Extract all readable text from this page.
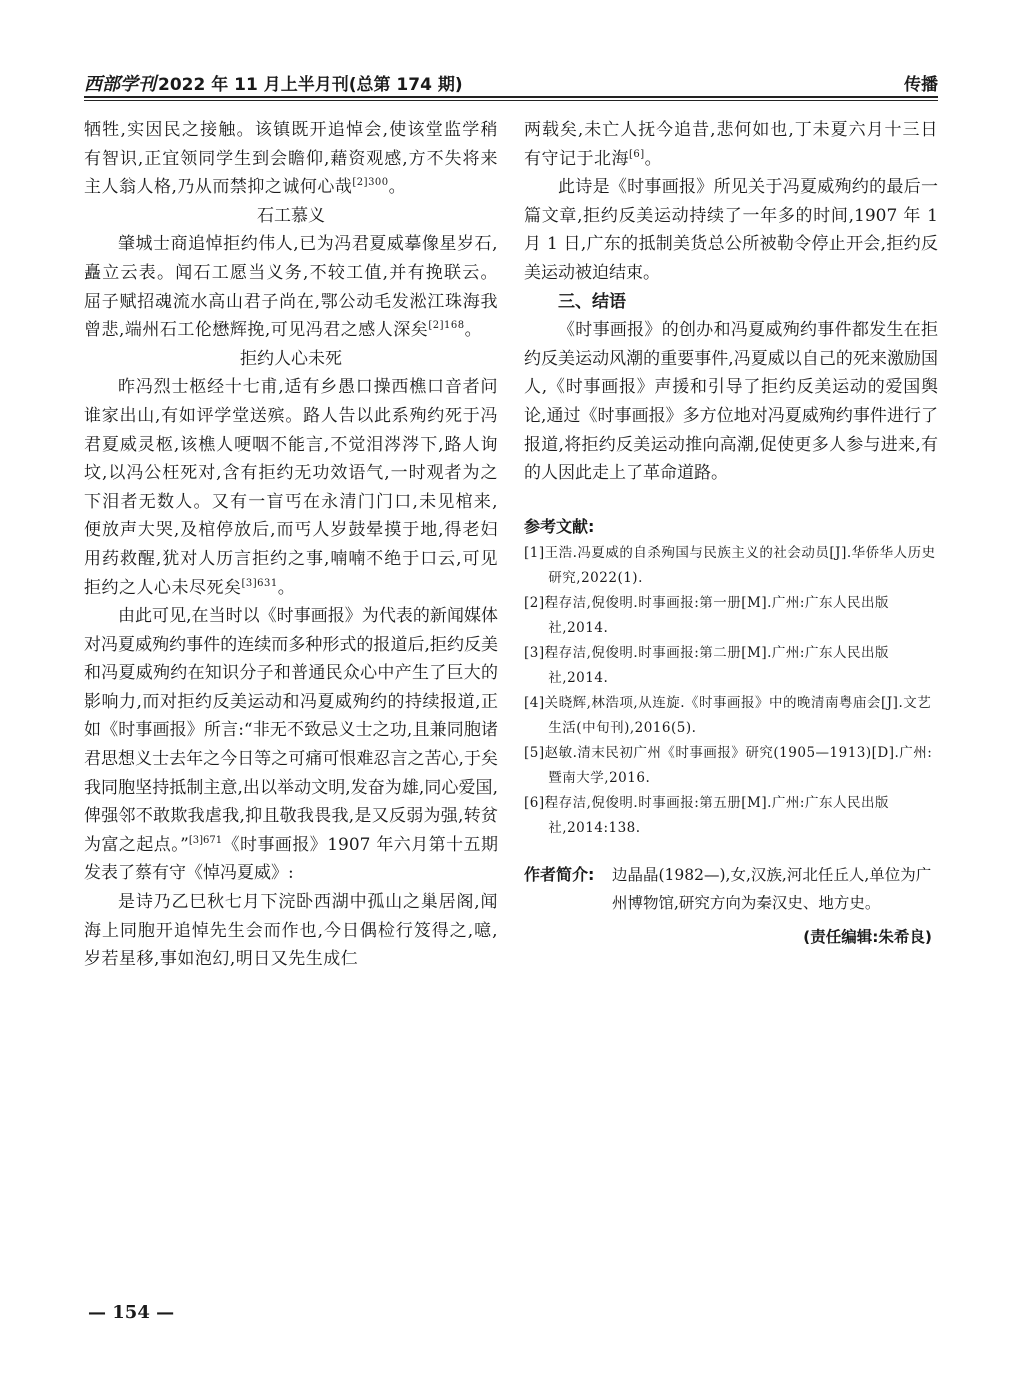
西部学刊 2022 年 11 月上半月刊(总第 174 期)	传播

牺牲,实因民之接触。该镇既开追悼会,使该堂监学稍有智识,正宜领同学生到会瞻仰,藉资观感,方不失将来主人翁人格,乃从而禁抑之诚何心哉$^{[2]300}$。

石工慕义

肇城士商追悼拒约伟人,已为冯君夏威摹像星岁石,矗立云表。闻石工愿当义务,不较工值,并有挽联云。屈子赋招魂流水高山君子尚在,鄂公动毛发淞江珠海我曾悲,端州石工伦懋辉挽,可见冯君之感人深矣$^{[2]168}$。

拒约人心未死

昨冯烈士柩经十七甫,适有乡愚口操西樵口音者问谁家出山,有如评学堂送殡。路人告以此系殉约死于冯君夏威灵柩,该樵人哽咽不能言,不觉泪涔涔下,路人询坟,以冯公枉死对,含有拒约无功效语气,一时观者为之下泪者无数人。又有一盲丐在永清门门口,未见棺来,便放声大哭,及棺停放后,而丐人岁鼓晕摸于地,得老妇用药救醒,犹对人历言拒约之事,喃喃不绝于口云,可见拒约之人心未尽死矣$^{[3]631}$。

由此可见,在当时以《时事画报》为代表的新闻媒体对冯夏威殉约事件的连续而多种形式的报道后,拒约反美和冯夏威殉约在知识分子和普通民众心中产生了巨大的影响力,而对拒约反美运动和冯夏威殉约的持续报道,正如《时事画报》所言:“非无不致忌义士之功,且兼同胞诸君思想义士去年之今日等之可痛可恨难忍言之苦心,于矣我同胞坚持抵制主意,出以举动文明,发奋为雄,同心爱国,俾强邻不敢欺我虐我,抑且敬我畏我,是又反弱为强,转贫为富之起点。”$^{[3]671}$《时事画报》1907 年六月第十五期发表了蔡有守《悼冯夏威》:

是诗乃乙巳秋七月下浣卧西湖中孤山之巢居阁,闻海上同胞开追悼先生会而作也,今日偶检行笈得之,噫,岁若星移,事如泡幻,明日又先生成仁

两载矣,未亡人抚今追昔,悲何如也,丁未夏六月十三日有守记于北海[6]。

此诗是《时事画报》所见关于冯夏威殉约的最后一篇文章,拒约反美运动持续了一年多的时间,1907 年 1 月 1 日,广东的抵制美货总公所被勒令停止开会,拒约反美运动被迫结束。

三、结语

《时事画报》的创办和冯夏威殉约事件都发生在拒约反美运动风潮的重要事件,冯夏威以自己的死来激励国人,《时事画报》声援和引导了拒约反美运动的爱国舆论,通过《时事画报》多方位地对冯夏威殉约事件进行了报道,将拒约反美运动推向高潮,促使更多人参与进来,有的人因此走上了革命道路。

参考文献:

[1]王浩.冯夏威的自杀殉国与民族主义的社会动员[J].华侨华人历史研究,2022(1).

[2]程存洁,倪俊明.时事画报:第一册[M].广州:广东人民出版社,2014.

[3]程存洁,倪俊明.时事画报:第二册[M].广州:广东人民出版社,2014.

[4]关晓辉,林浩项,从连旋.《时事画报》中的晚清南粤庙会[J].文艺生活(中旬刊),2016(5).

[5]赵敏.清末民初广州《时事画报》研究(1905—1913)[D].广州:暨南大学,2016.

[6]程存洁,倪俊明.时事画报:第五册[M].广州:广东人民出版社,2014:138.

作者简介:	边晶晶(1982—),女,汉族,河北任丘人,单位为广州博物馆,研究方向为秦汉史、地方史。
(责任编辑:朱希良)
— 154 —
